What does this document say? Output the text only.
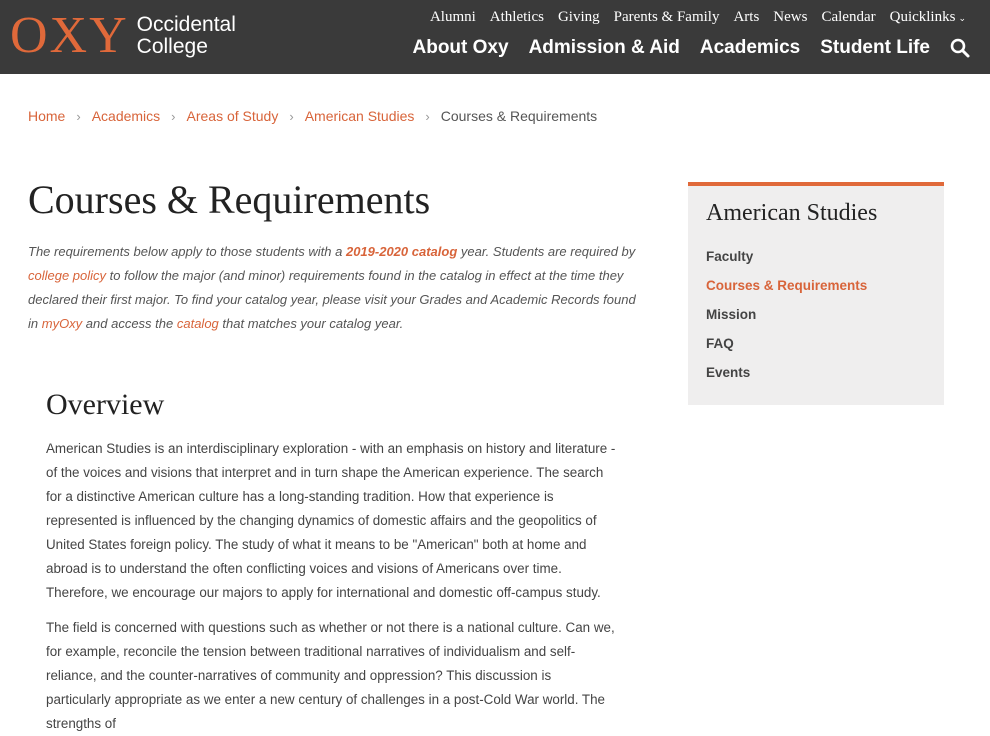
OXY Occidental
College
Alumni Athletics Giving Parents & Family Arts News Calendar Quicklinks ⌄
About Oxy Admission & Aid Academics Student Life
Home › Academics › Areas of Study › American Studies › Courses & Requirements
Courses & Requirements

The requirements below apply to those students with a 2019-2020 catalog year. Students are required by college policy to follow the major (and minor) requirements found in the catalog in effect at the time they declared their first major. To find your catalog year, please visit your Grades and Academic Records found in myOxy and access the catalog that matches your catalog year.

Overview

American Studies is an interdisciplinary exploration - with an emphasis on history and literature - of the voices and visions that interpret and in turn shape the American experience. The search for a distinctive American culture has a long-standing tradition. How that experience is represented is influenced by the changing dynamics of domestic affairs and the geopolitics of United States foreign policy. The study of what it means to be "American" both at home and abroad is to understand the often conflicting voices and visions of Americans over time. Therefore, we encourage our majors to apply for international and domestic off-campus study.

The field is concerned with questions such as whether or not there is a national culture. Can we, for example, reconcile the tension between traditional narratives of individualism and self-reliance, and the counter-narratives of community and oppression? This discussion is particularly appropriate as we enter a new century of challenges in a post-Cold War world. The strengths of

American Studies
Faculty
Courses & Requirements
Mission
FAQ
Events
